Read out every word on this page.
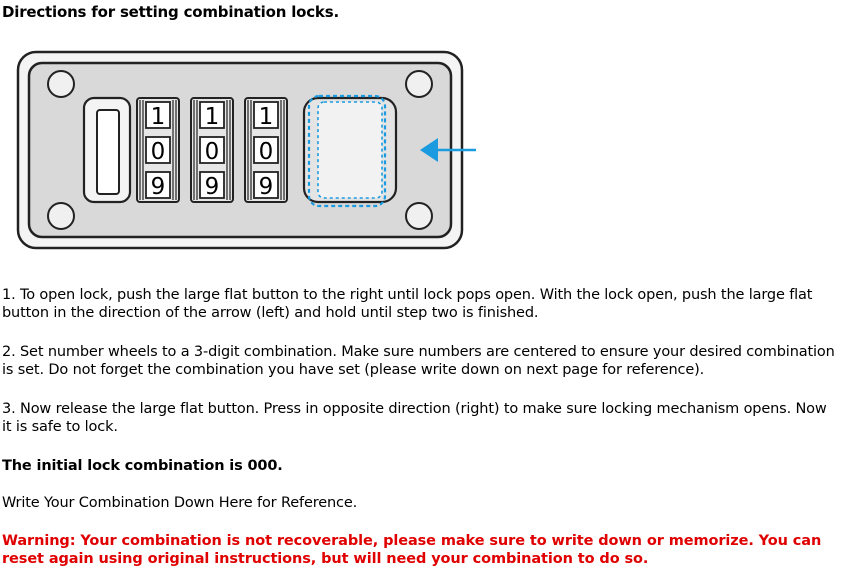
Directions for setting combination locks.
1
0
9
1
0
9
1
0
9
1. To open lock, push the large flat button to the right until lock pops open. With the lock open, push the large flat button in the direction of the arrow (left) and hold until step two is finished.
2. Set number wheels to a 3-digit combination. Make sure numbers are centered to ensure your desired combination is set. Do not forget the combination you have set (please write down on next page for reference).
3. Now release the large flat button. Press in opposite direction (right) to make sure locking mechanism opens. Now it is safe to lock.
The initial lock combination is 000.
Write Your Combination Down Here for Reference.
Warning: Your combination is not recoverable, please make sure to write down or memorize. You can reset again using original instructions, but will need your combination to do so.
